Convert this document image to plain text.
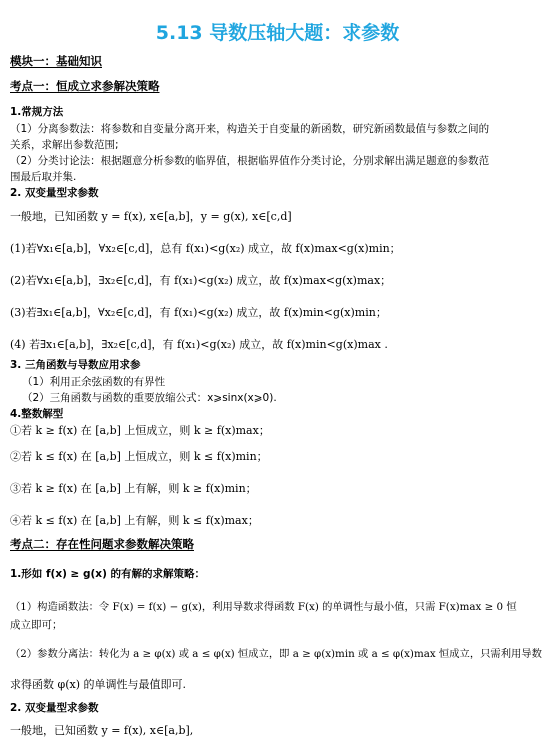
5.13 导数压轴大题：求参数
模块一：基础知识
考点一：恒成立求参解决策略
1.常规方法
（1）分离参数法：将参数和自变量分离开来，构造关于自变量的新函数，研究新函数最值与参数之间的
关系，求解出参数范围;
（2）分类讨论法：根据题意分析参数的临界值，根据临界值作分类讨论，分别求解出满足题意的参数范
围最后取并集.
2. 双变量型求参数
一般地，已知函数 y = f(x), x∈[a,b]，y = g(x), x∈[c,d]
(1)若∀x₁∈[a,b]，∀x₂∈[c,d]，总有 f(x₁)<g(x₂) 成立，故 f(x)max<g(x)min；
(2)若∀x₁∈[a,b]，∃x₂∈[c,d]，有 f(x₁)<g(x₂) 成立，故 f(x)max<g(x)max；
(3)若∃x₁∈[a,b]，∀x₂∈[c,d]，有 f(x₁)<g(x₂) 成立，故 f(x)min<g(x)min；
(4) 若∃x₁∈[a,b]，∃x₂∈[c,d]，有 f(x₁)<g(x₂) 成立，故 f(x)min<g(x)max .
3. 三角函数与导数应用求参
（1）利用正余弦函数的有界性
（2）三角函数与函数的重要放缩公式：x⩾sinx(x⩾0).
4.整数解型
①若 k ≥ f(x) 在 [a,b] 上恒成立，则 k ≥ f(x)max；
②若 k ≤ f(x) 在 [a,b] 上恒成立，则 k ≤ f(x)min；
③若 k ≥ f(x) 在 [a,b] 上有解，则 k ≥ f(x)min；
④若 k ≤ f(x) 在 [a,b] 上有解，则 k ≤ f(x)max；
考点二：存在性问题求参数解决策略
1.形如 f(x) ≥ g(x) 的有解的求解策略：
（1）构造函数法：令 F(x) = f(x) − g(x)，利用导数求得函数 F(x) 的单调性与最小值，只需 F(x)max ≥ 0 恒
成立即可；
（2）参数分离法：转化为 a ≥ φ(x) 或 a ≤ φ(x) 恒成立，即 a ≥ φ(x)min 或 a ≤ φ(x)max 恒成立，只需利用导数
求得函数 φ(x) 的单调性与最值即可.
2. 双变量型求参数
一般地，已知函数 y = f(x), x∈[a,b],
